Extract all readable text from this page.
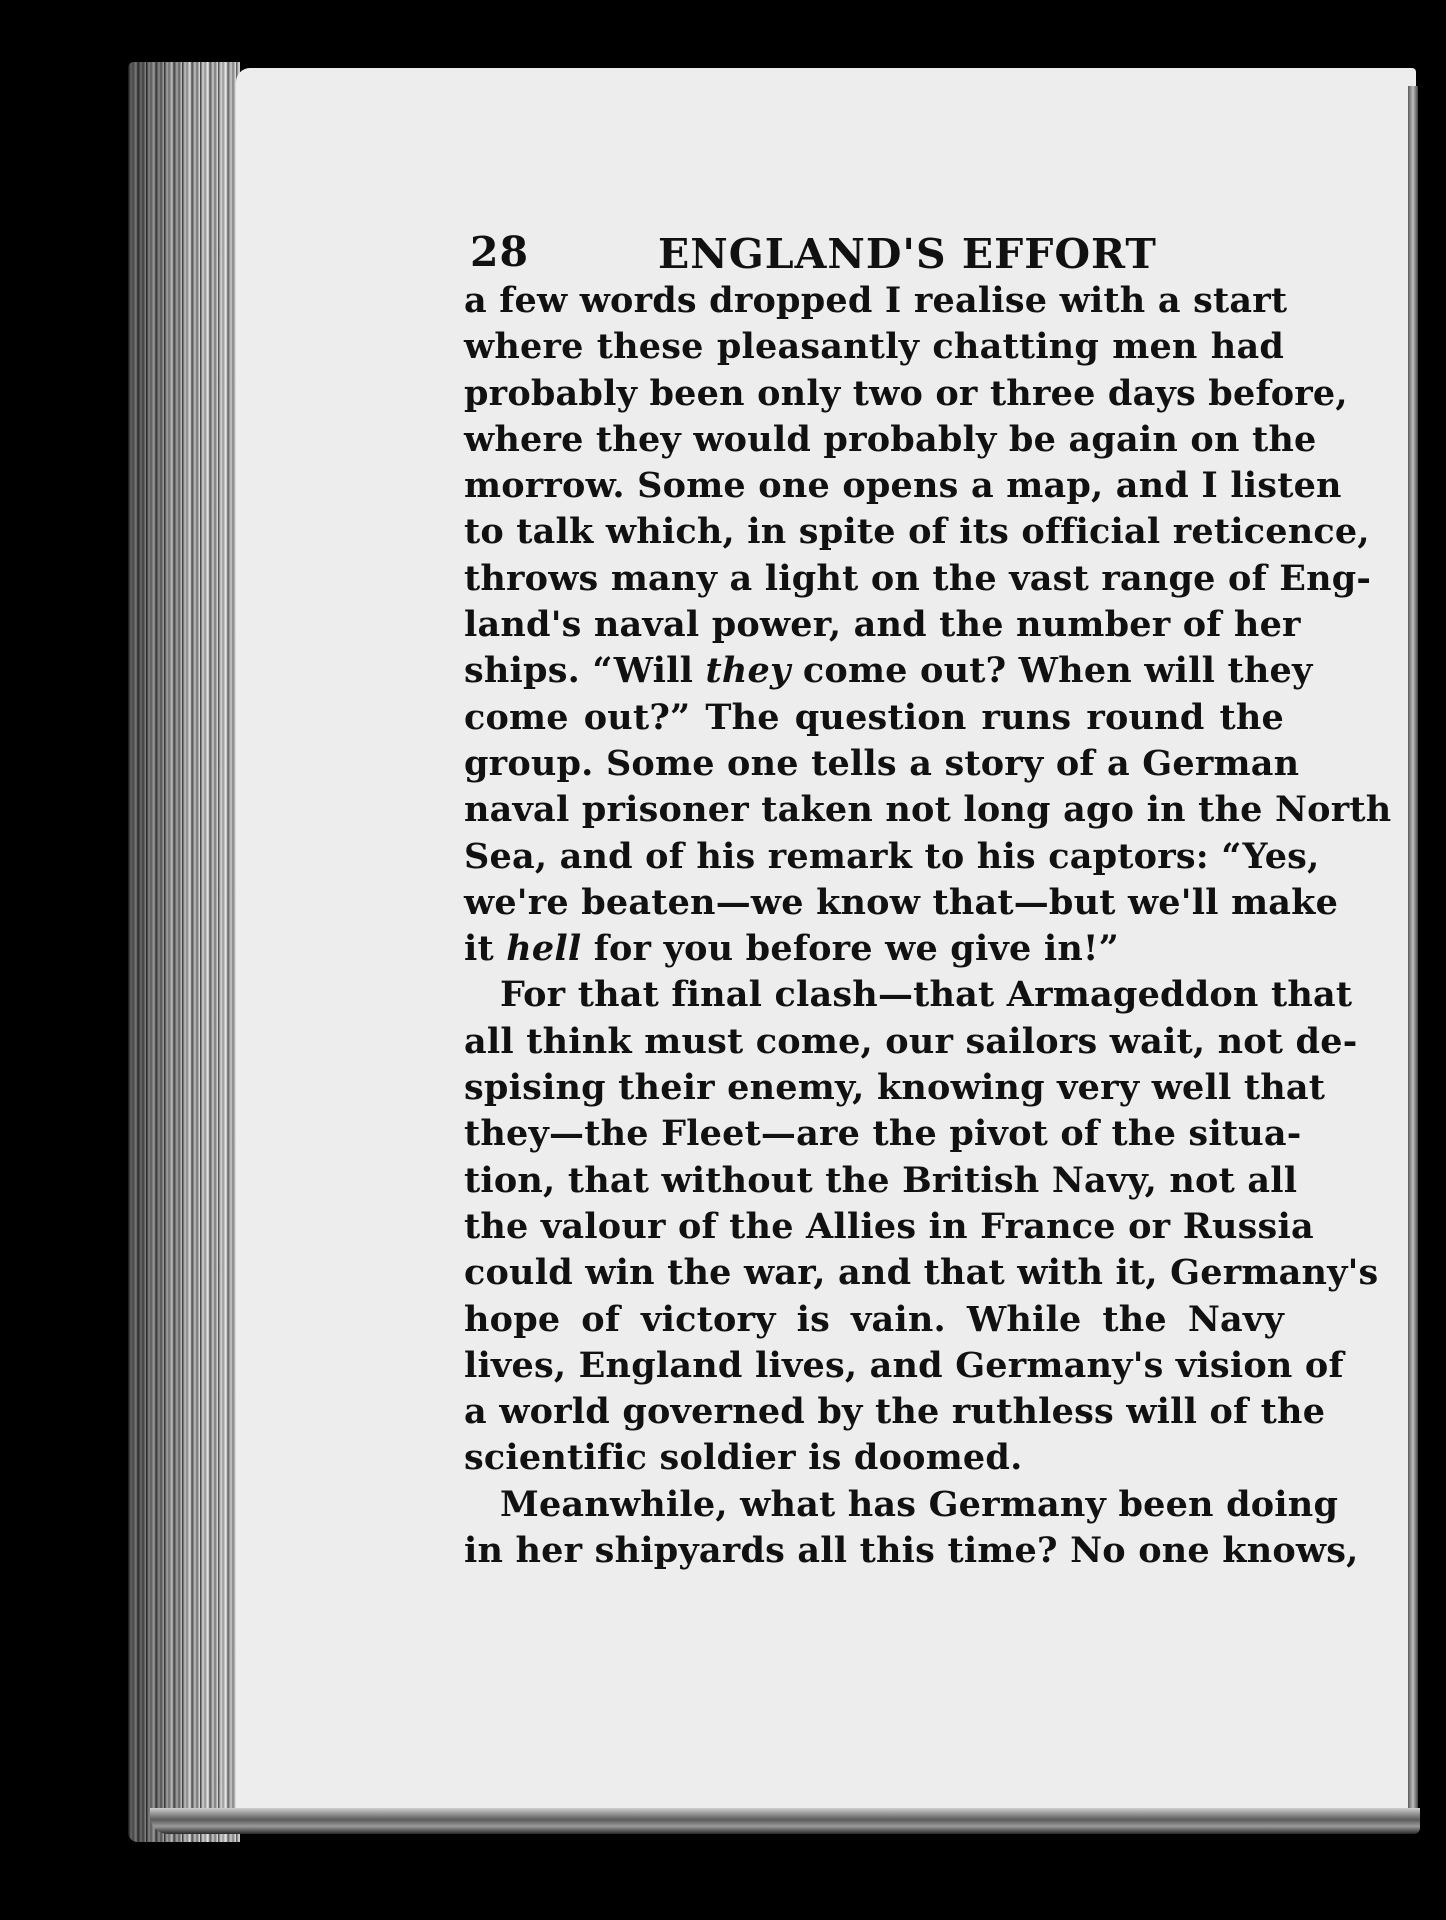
28	ENGLAND'S EFFORT
a few words dropped I realise with a start
where these pleasantly chatting men had
probably been only two or three days before,
where they would probably be again on the
morrow. Some one opens a map, and I listen
to talk which, in spite of its official reticence,
throws many a light on the vast range of Eng-
land's naval power, and the number of her
ships. “Will they come out? When will they
come out?” The question runs round the
group. Some one tells a story of a German
naval prisoner taken not long ago in the North
Sea, and of his remark to his captors: “Yes,
we're beaten—we know that—but we'll make
it hell for you before we give in!”
For that final clash—that Armageddon that
all think must come, our sailors wait, not de-
spising their enemy, knowing very well that
they—the Fleet—are the pivot of the situa-
tion, that without the British Navy, not all
the valour of the Allies in France or Russia
could win the war, and that with it, Germany's
hope of victory is vain. While the Navy
lives, England lives, and Germany's vision of
a world governed by the ruthless will of the
scientific soldier is doomed.
Meanwhile, what has Germany been doing
in her shipyards all this time? No one knows,
